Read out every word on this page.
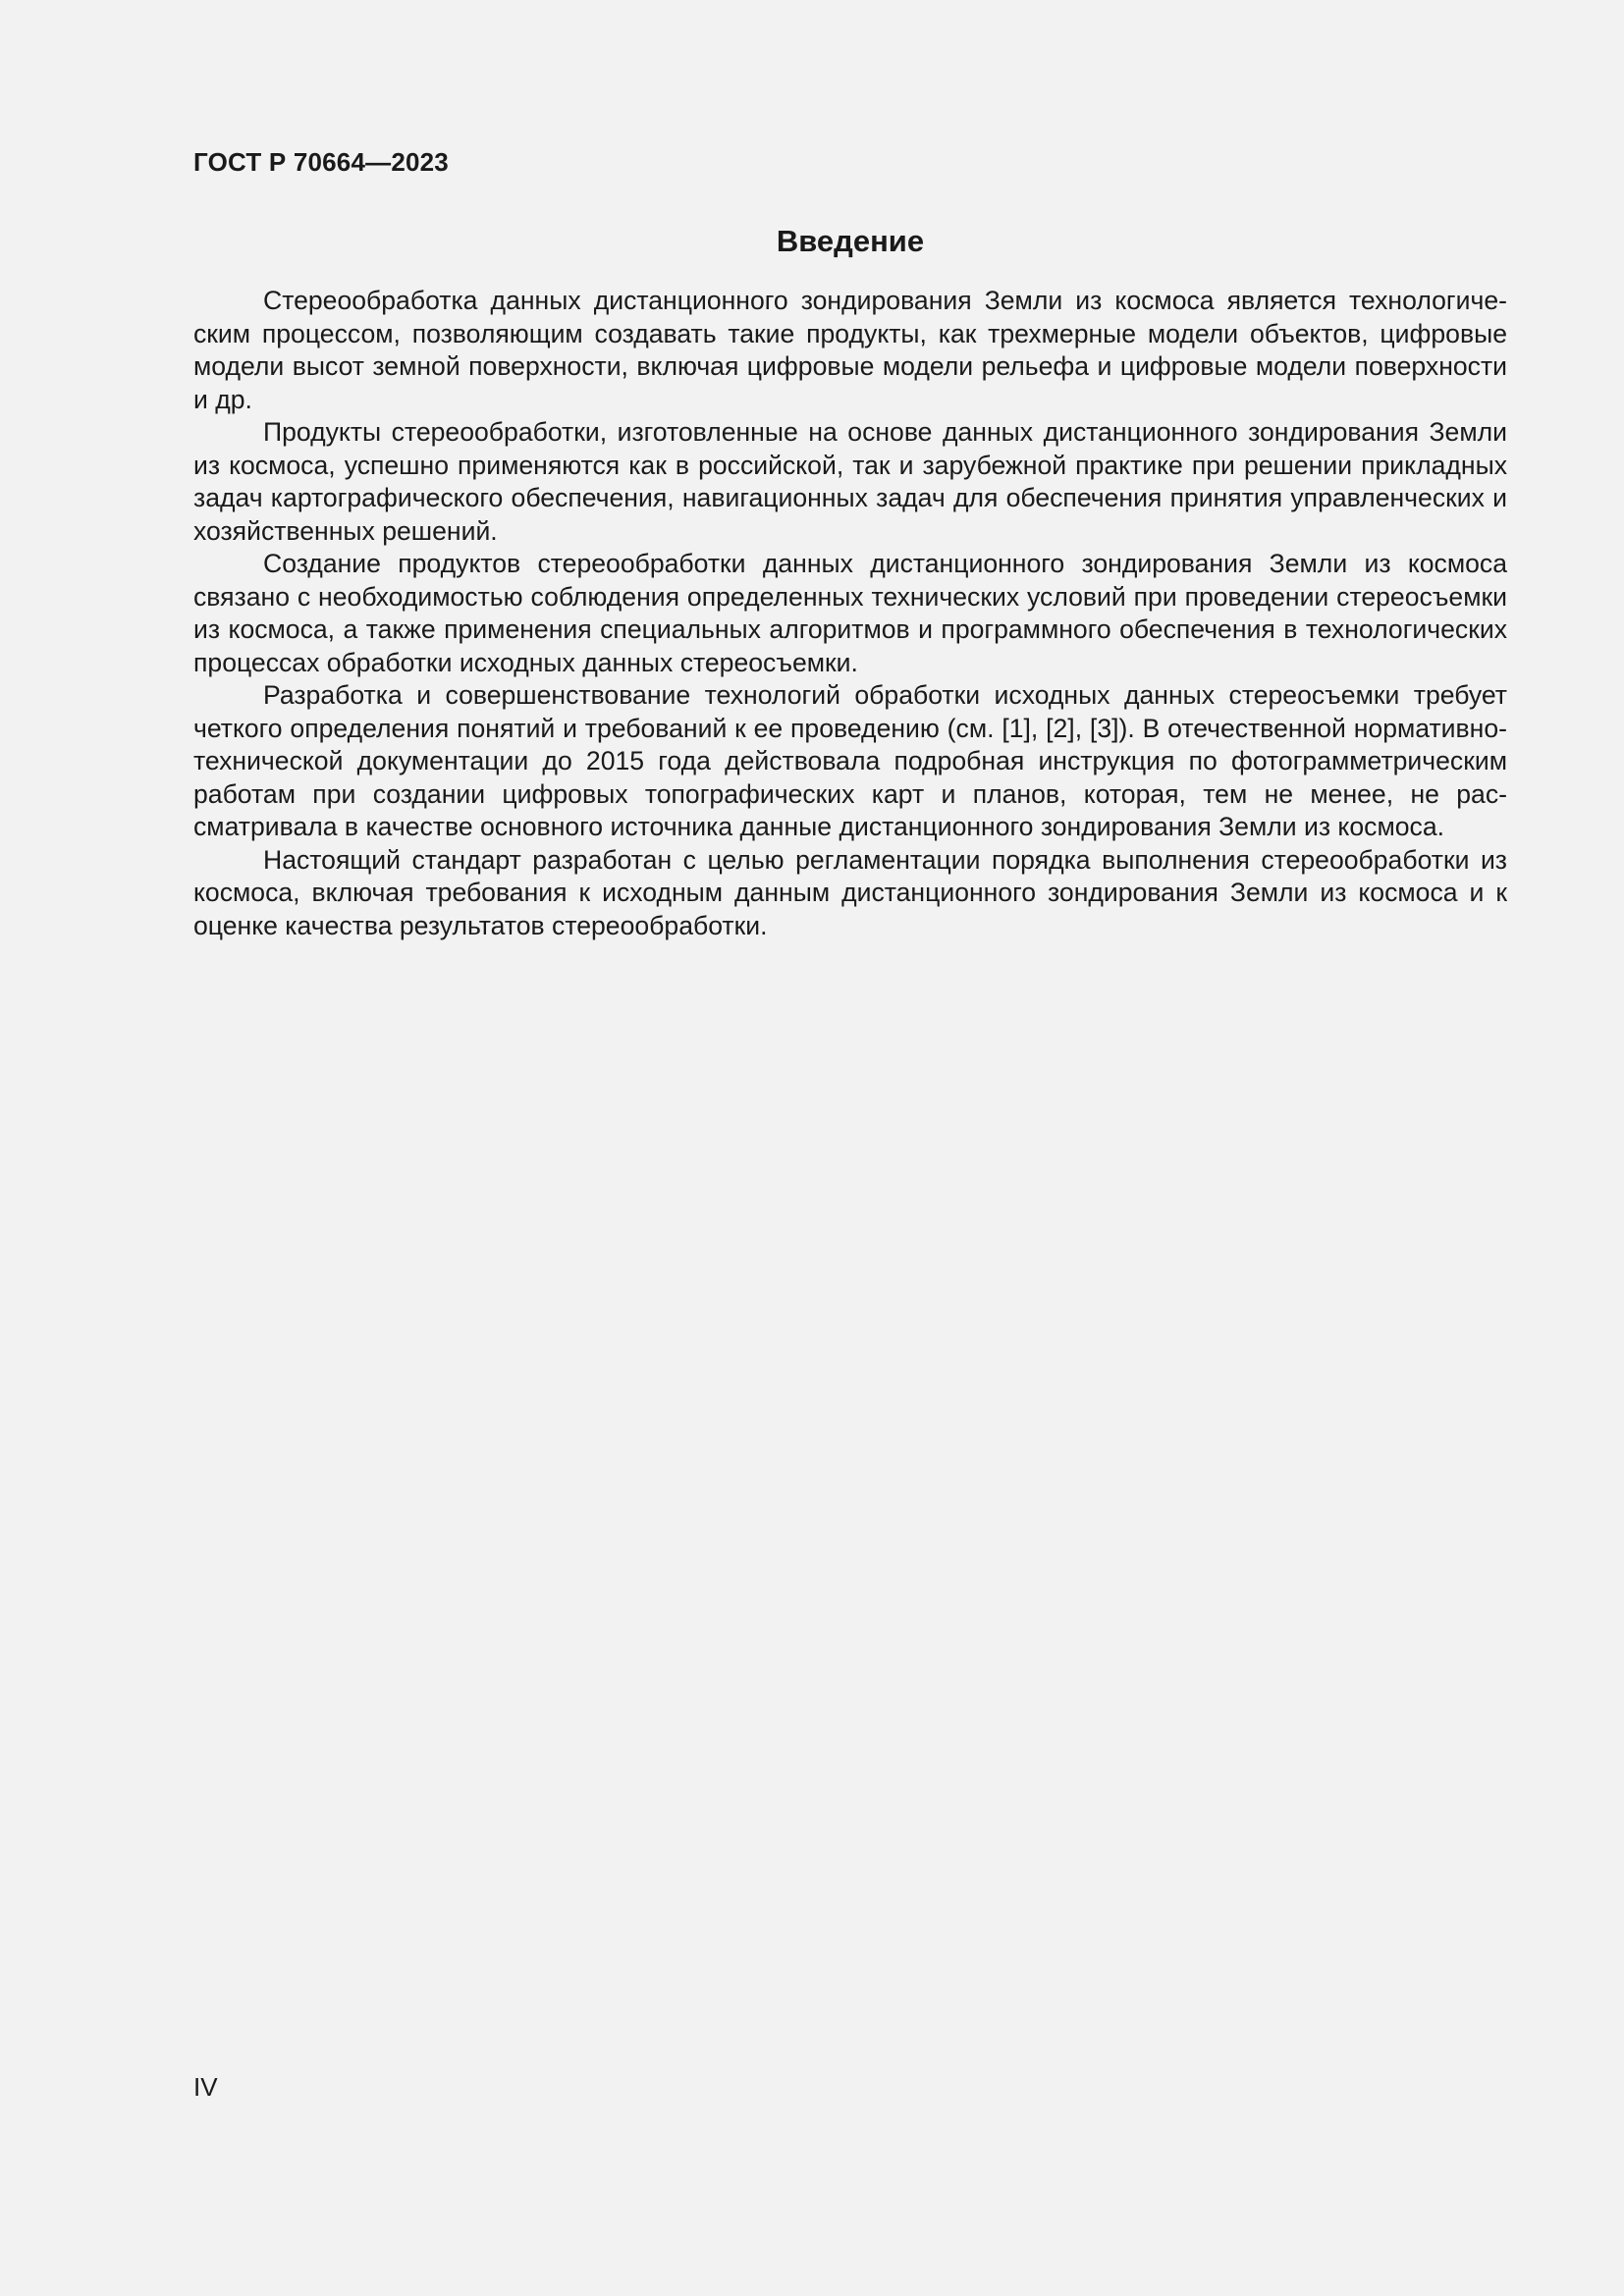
ГОСТ Р 70664—2023

Введение

Стереообработка данных дистанционного зондирования Земли из космоса является технологическим процессом, позволяющим создавать такие продукты, как трехмерные модели объектов, цифровые модели высот земной поверхности, включая цифровые модели рельефа и цифровые модели поверхности и др.

Продукты стереообработки, изготовленные на основе данных дистанционного зондирования Земли из космоса, успешно применяются как в российской, так и зарубежной практике при решении прикладных задач картографического обеспечения, навигационных задач для обеспечения принятия управленческих и хозяйственных решений.

Создание продуктов стереообработки данных дистанционного зондирования Земли из космоса связано с необходимостью соблюдения определенных технических условий при проведении стереосъемки из космоса, а также применения специальных алгоритмов и программного обеспечения в технологических процессах обработки исходных данных стереосъемки.

Разработка и совершенствование технологий обработки исходных данных стереосъемки требует четкого определения понятий и требований к ее проведению (см. [1], [2], [3]). В отечественной нормативно-технической документации до 2015 года действовала подробная инструкция по фотограмметрическим работам при создании цифровых топографических карт и планов, которая, тем не менее, не рассматривала в качестве основного источника данные дистанционного зондирования Земли из космоса.

Настоящий стандарт разработан с целью регламентации порядка выполнения стереообработки из космоса, включая требования к исходным данным дистанционного зондирования Земли из космоса и к оценке качества результатов стереообработки.

IV
